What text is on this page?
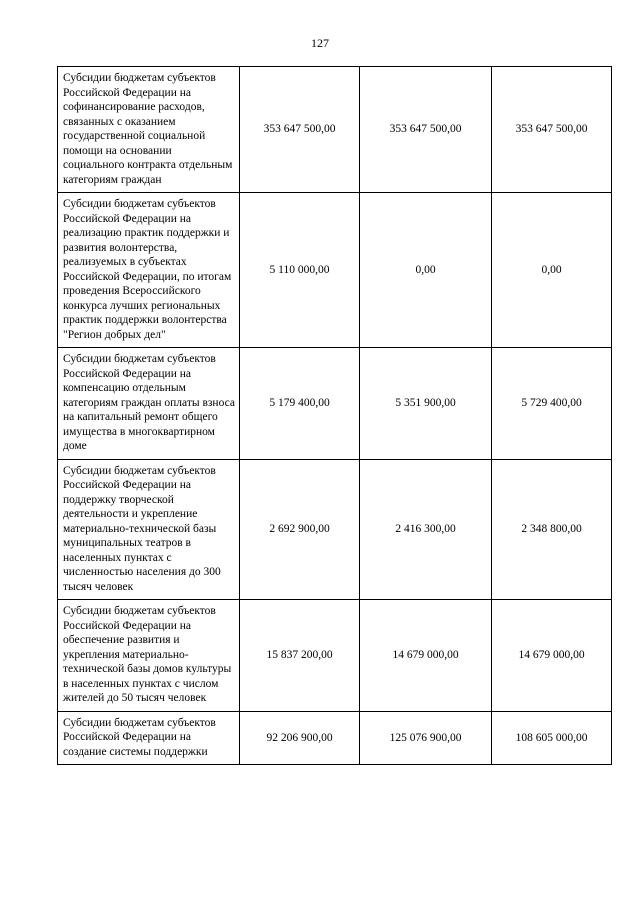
127
Субсидии бюджетам субъектов Российской Федерации на софинансирование расходов, связанных с оказанием государственной социальной помощи на основании социального контракта отдельным категориям граждан	353 647 500,00	353 647 500,00	353 647 500,00
Субсидии бюджетам субъектов Российской Федерации на реализацию практик поддержки и развития волонтерства, реализуемых в субъектах Российской Федерации, по итогам проведения Всероссийского конкурса лучших региональных практик поддержки волонтерства "Регион добрых дел"	5 110 000,00	0,00	0,00
Субсидии бюджетам субъектов Российской Федерации на компенсацию отдельным категориям граждан оплаты взноса на капитальный ремонт общего имущества в многоквартирном доме	5 179 400,00	5 351 900,00	5 729 400,00
Субсидии бюджетам субъектов Российской Федерации на поддержку творческой деятельности и укрепление материально-технической базы муниципальных театров в населенных пунктах с численностью населения до 300 тысяч человек	2 692 900,00	2 416 300,00	2 348 800,00
Субсидии бюджетам субъектов Российской Федерации на обеспечение развития и укрепления материально-технической базы домов культуры в населенных пунктах с числом жителей до 50 тысяч человек	15 837 200,00	14 679 000,00	14 679 000,00
Субсидии бюджетам субъектов Российской Федерации на создание системы поддержки	92 206 900,00	125 076 900,00	108 605 000,00
